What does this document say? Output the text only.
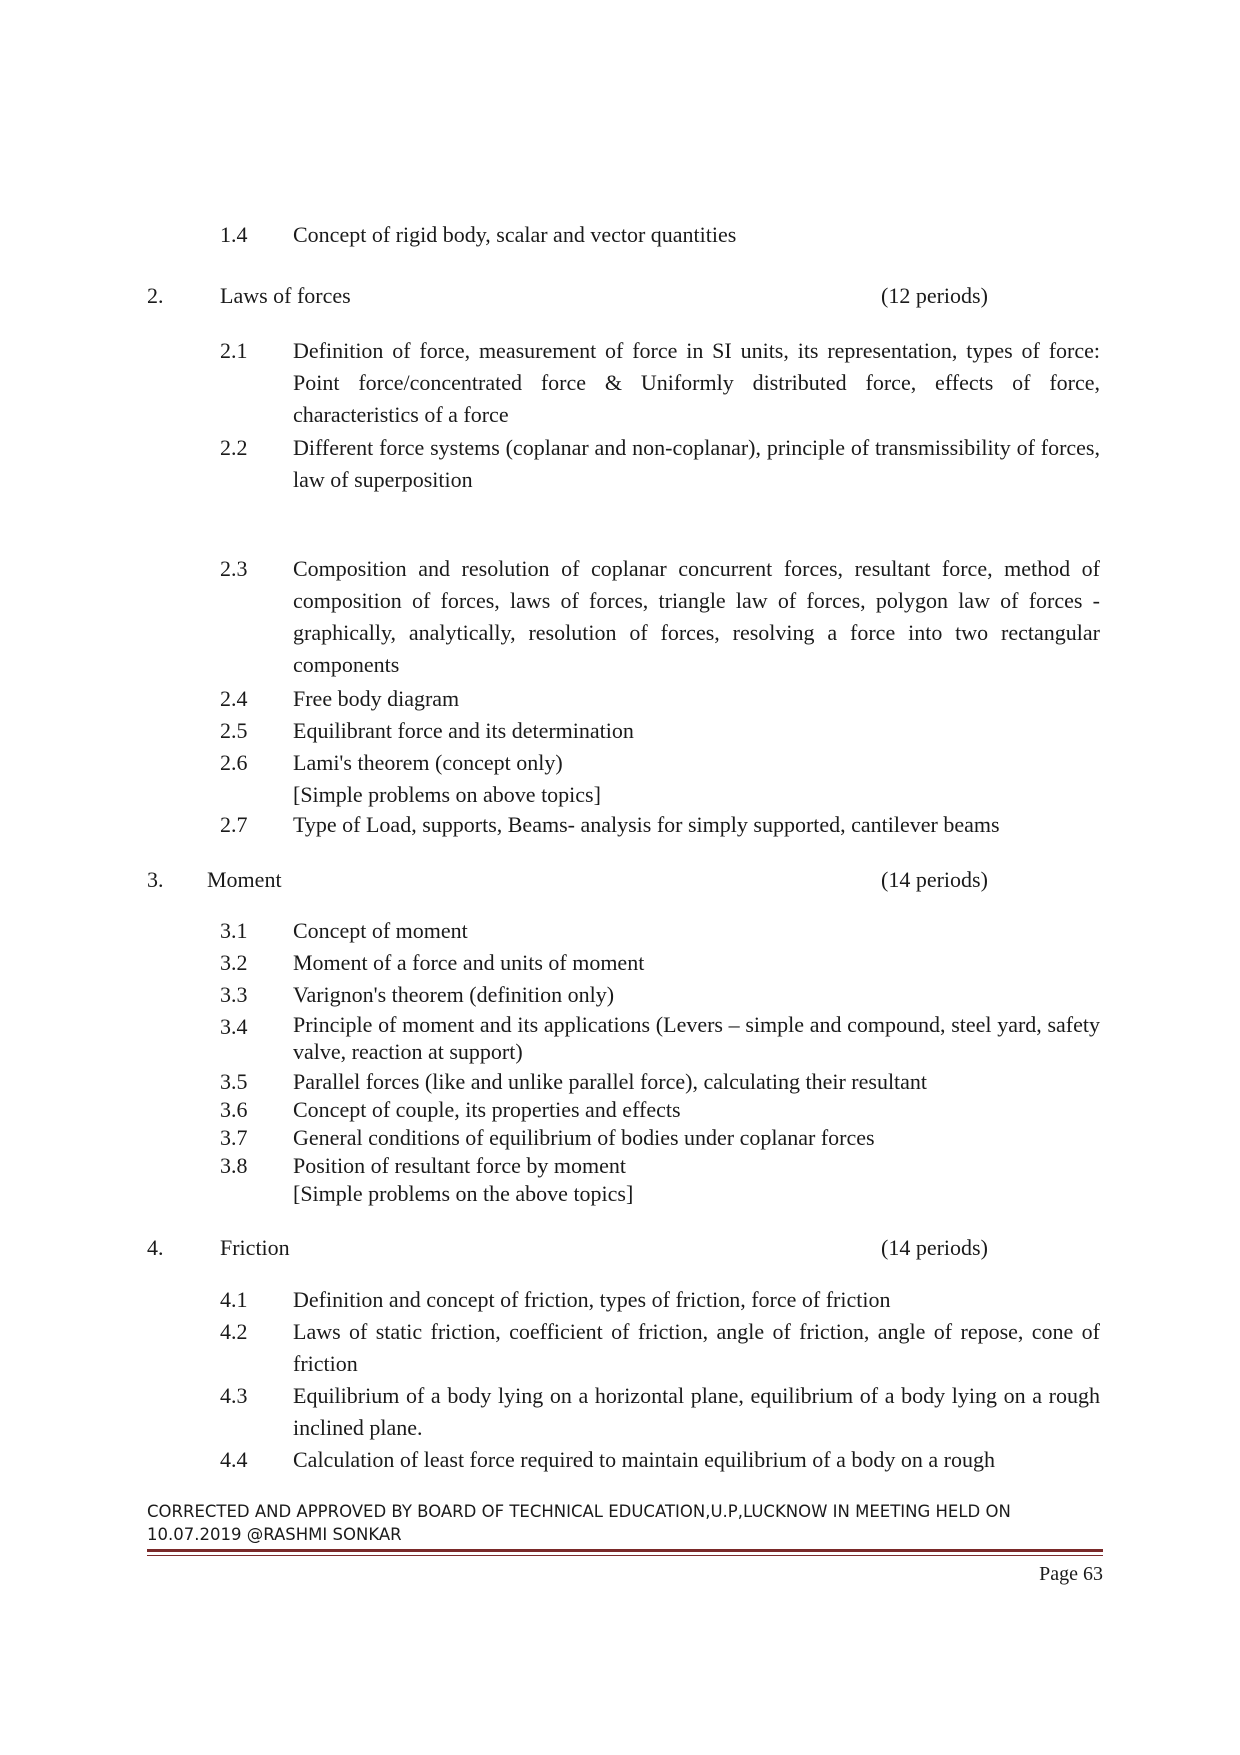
1.4 Concept of rigid body, scalar and vector quantities
2.	Laws of forces	(12 periods)
2.1 Definition of force, measurement of force in SI units, its representation, types of force: Point force/concentrated force & Uniformly distributed force, effects of force, characteristics of a force

2.2 Different force systems (coplanar and non-coplanar), principle of transmissibility of forces, law of superposition

2.3 Composition and resolution of coplanar concurrent forces, resultant force, method of composition of forces, laws of forces, triangle law of forces, polygon law of forces - graphically, analytically, resolution of forces, resolving a force into two rectangular components

2.4 Free body diagram
2.5 Equilibrant force and its determination
2.6 Lami's theorem (concept only)
[Simple problems on above topics]
2.7 Type of Load, supports, Beams- analysis for simply supported, cantilever beams
3. Moment	(14 periods)
3.1 Concept of moment
3.2 Moment of a force and units of moment
3.3 Varignon's theorem (definition only)
3.4 Principle of moment and its applications (Levers – simple and compound, steel yard, safety valve, reaction at support)

3.5 Parallel forces (like and unlike parallel force), calculating their resultant
3.6 Concept of couple, its properties and effects
3.7 General conditions of equilibrium of bodies under coplanar forces
3.8 Position of resultant force by moment
[Simple problems on the above topics]
4.	Friction	(14 periods)
4.1 Definition and concept of friction, types of friction, force of friction
4.2 Laws of static friction, coefficient of friction, angle of friction, angle of repose, cone of friction

4.3 Equilibrium of a body lying on a horizontal plane, equilibrium of a body lying on a rough inclined plane.

4.4 Calculation of least force required to maintain equilibrium of a body on a rough

CORRECTED AND APPROVED BY BOARD OF TECHNICAL EDUCATION,U.P,LUCKNOW IN MEETING HELD ON
10.07.2019 @RASHMI SONKAR
Page 63
